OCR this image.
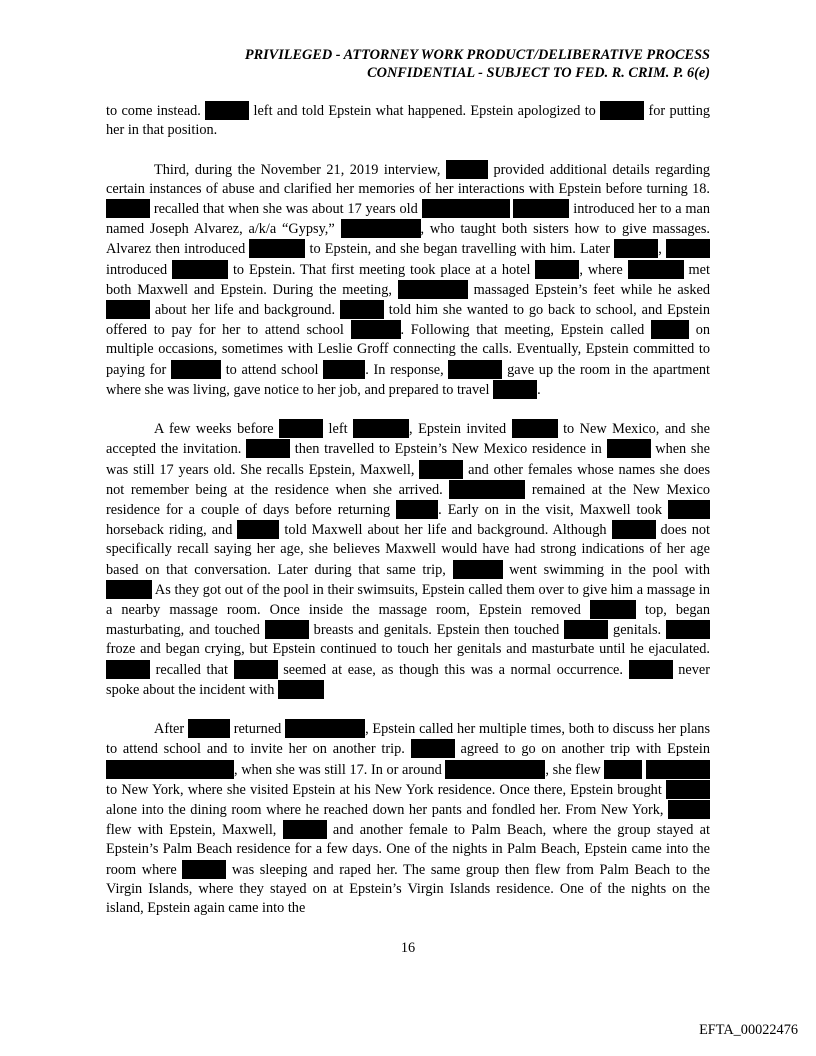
PRIVILEGED - ATTORNEY WORK PRODUCT/DELIBERATIVE PROCESS
CONFIDENTIAL - SUBJECT TO FED. R. CRIM. P. 6(e)

to come instead.	left and told Epstein what happened. Epstein apologized to	for putting her in that position.

Third, during the November 21, 2019 interview,	provided additional details regarding certain instances of abuse and clarified her memories of her interactions with Epstein before turning 18.  recalled that when she was about 17 years old	introduced her to a man named Joseph Alvarez, a/k/a “Gypsy,”	, who taught both sisters how to give massages. Alvarez then introduced	to Epstein, and she began travelling with him. Later	,  introduced	to Epstein. That first meeting took place at a hotel	, where	met both Maxwell and Epstein. During the meeting,	massaged Epstein’s feet while he asked  about her life and background.	told him she wanted to go back to school, and Epstein offered to pay for her to attend school	. Following that meeting, Epstein called	on multiple occasions, sometimes with Leslie Groff connecting the calls. Eventually, Epstein committed to paying for	to attend school	. In response,	gave up the room in the apartment where she was living, gave notice to her job, and prepared to travel	.

A few weeks before	left	, Epstein invited	to New Mexico, and she accepted the invitation.	then travelled to Epstein’s New Mexico residence in	when she was still 17 years old. She recalls Epstein, Maxwell,	and other females whose names she does not remember being at the residence when she arrived.	remained at the New Mexico residence for a couple of days before returning	. Early on in the visit, Maxwell took  horseback riding, and	told Maxwell about her life and background. Although	does not specifically recall saying her age, she believes Maxwell would have had strong indications of her age based on that conversation. Later during that same trip,	went swimming in the pool with  As they got out of the pool in their swimsuits, Epstein called them over to give him a massage in a nearby massage room. Once inside the massage room, Epstein removed	top, began masturbating, and touched	breasts and genitals. Epstein then touched	genitals.  froze and began crying, but Epstein continued to touch her genitals and masturbate until he ejaculated.  recalled that	seemed at ease, as though this was a normal occurrence.	never spoke about the incident with

After	returned	, Epstein called her multiple times, both to discuss her plans to attend school and to invite her on another trip.	agreed to go on another trip with Epstein , when she was still 17. In or around	, she flew   to New York, where she visited Epstein at his New York residence. Once there, Epstein brought  alone into the dining room where he reached down her pants and fondled her. From New York,  flew with Epstein, Maxwell,	and another female to Palm Beach, where the group stayed at Epstein’s Palm Beach residence for a few days. One of the nights in Palm Beach, Epstein came into the room where	was sleeping and raped her. The same group then flew from Palm Beach to the Virgin Islands, where they stayed on at Epstein’s Virgin Islands residence. One of the nights on the island, Epstein again came into the

16
EFTA_00022476
